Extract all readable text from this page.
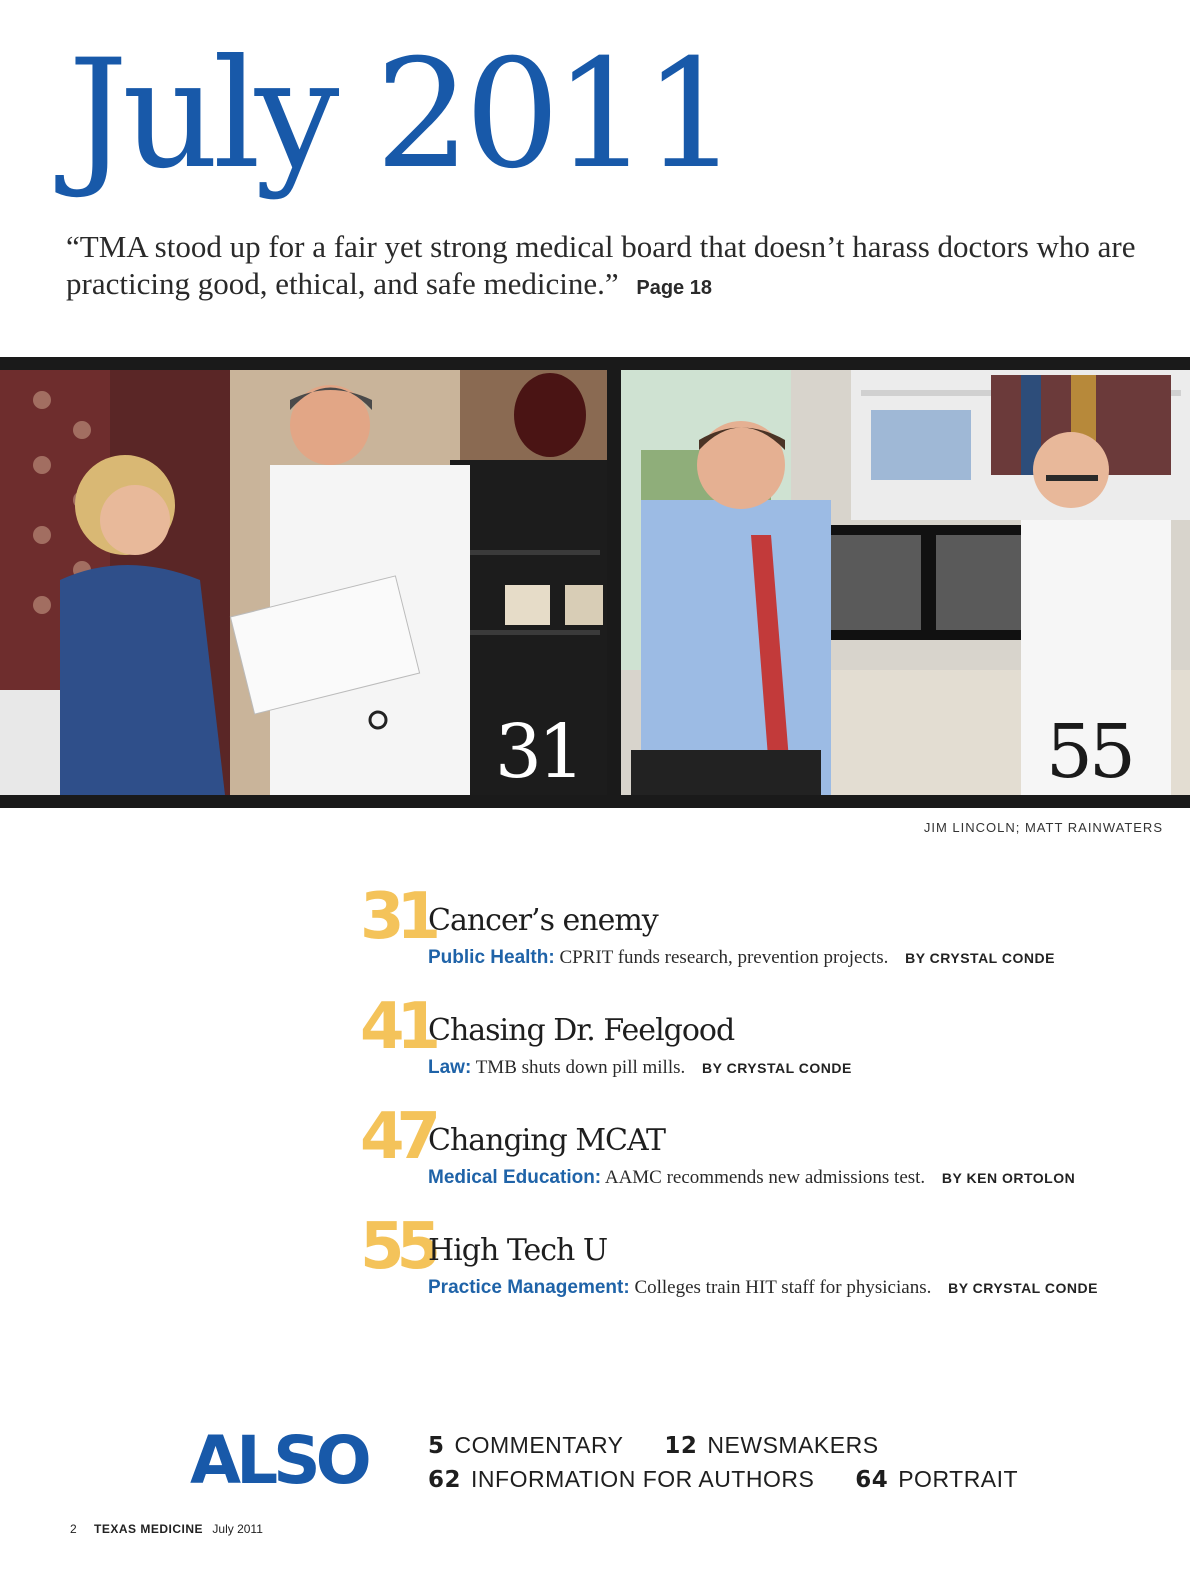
July 2011
“TMA stood up for a fair yet strong medical board that doesn’t harass doctors who are practicing good, ethical, and safe medicine.” Page 18
31	55
JIM LINCOLN; MATT RAINWATERS
31
Cancer’s enemy
Public Health: CPRIT funds research, prevention projects. BY CRYSTAL CONDE
41
Chasing Dr. Feelgood
Law: TMB shuts down pill mills. BY CRYSTAL CONDE
47
Changing MCAT
Medical Education: AAMC recommends new admissions test. BY KEN ORTOLON
55
High Tech U
Practice Management: Colleges train HIT staff for physicians. BY CRYSTAL CONDE
ALSO	5 COMMENTARY 12 NEWSMAKERS
62 INFORMATION FOR AUTHORS 64 PORTRAIT
2 TEXAS MEDICINE July 2011
